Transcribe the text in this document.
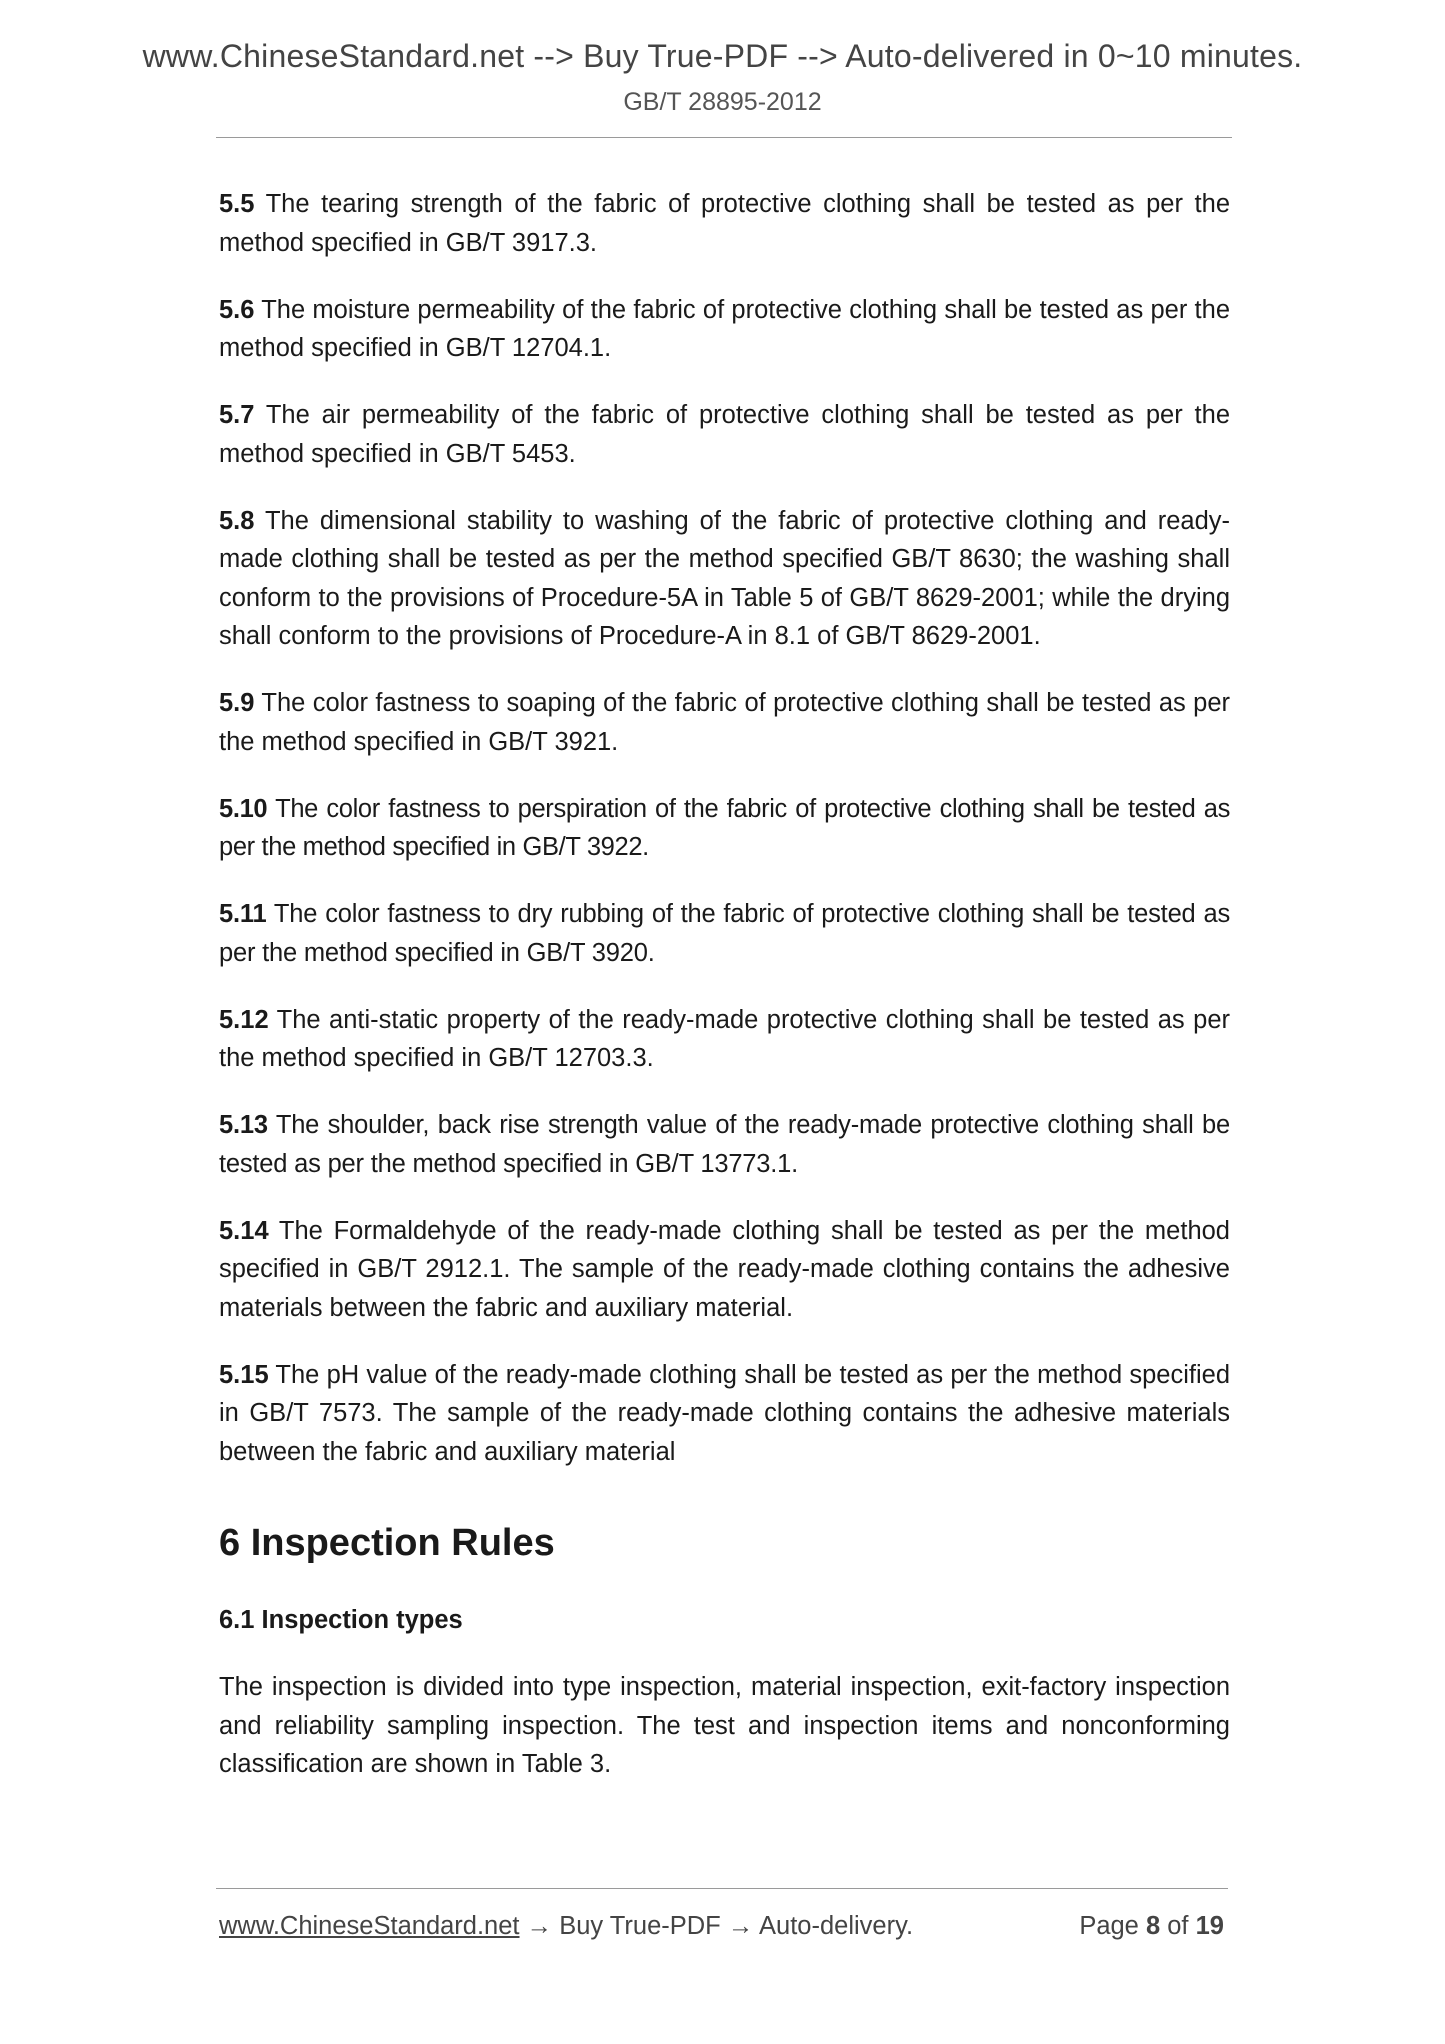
www.ChineseStandard.net --> Buy True-PDF --> Auto-delivered in 0~10 minutes.
GB/T 28895-2012

5.5 The tearing strength of the fabric of protective clothing shall be tested as per the method specified in GB/T 3917.3.

5.6 The moisture permeability of the fabric of protective clothing shall be tested as per the method specified in GB/T 12704.1.

5.7 The air permeability of the fabric of protective clothing shall be tested as per the method specified in GB/T 5453.

5.8 The dimensional stability to washing of the fabric of protective clothing and ready-made clothing shall be tested as per the method specified GB/T 8630; the washing shall conform to the provisions of Procedure-5A in Table 5 of GB/T 8629-2001; while the drying shall conform to the provisions of Procedure-A in 8.1 of GB/T 8629-2001.

5.9 The color fastness to soaping of the fabric of protective clothing shall be tested as per the method specified in GB/T 3921.

5.10 The color fastness to perspiration of the fabric of protective clothing shall be tested as per the method specified in GB/T 3922.

5.11 The color fastness to dry rubbing of the fabric of protective clothing shall be tested as per the method specified in GB/T 3920.

5.12 The anti-static property of the ready-made protective clothing shall be tested as per the method specified in GB/T 12703.3.

5.13 The shoulder, back rise strength value of the ready-made protective clothing shall be tested as per the method specified in GB/T 13773.1.

5.14 The Formaldehyde of the ready-made clothing shall be tested as per the method specified in GB/T 2912.1. The sample of the ready-made clothing contains the adhesive materials between the fabric and auxiliary material.

5.15 The pH value of the ready-made clothing shall be tested as per the method specified in GB/T 7573. The sample of the ready-made clothing contains the adhesive materials between the fabric and auxiliary material

6 Inspection Rules
6.1 Inspection types

The inspection is divided into type inspection, material inspection, exit-factory inspection and reliability sampling inspection. The test and inspection items and nonconforming classification are shown in Table 3.

www.ChineseStandard.net → Buy True-PDF → Auto-delivery.	Page 8 of 19
